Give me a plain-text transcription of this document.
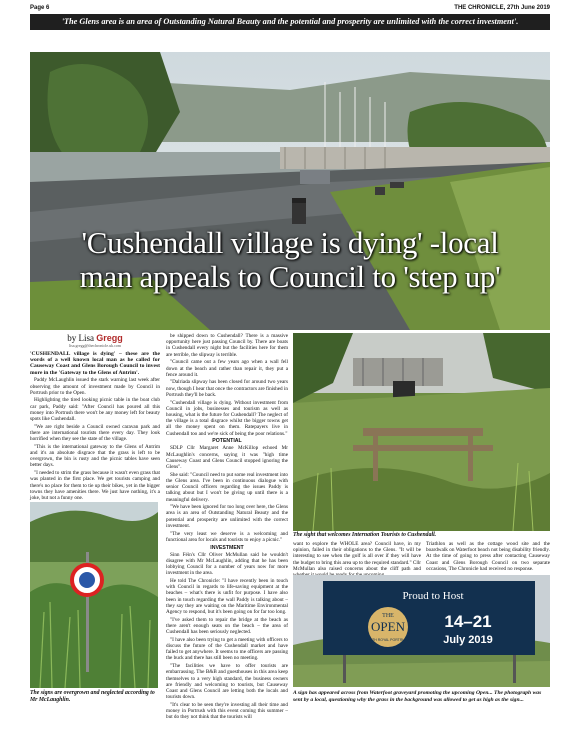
Page 6	THE CHRONICLE, 27th June 2019
'The Glens area is an area of Outstanding Natural Beauty and the potential and prosperity are unlimited with the correct investment'.
'Cushendall village is dying' -local
man appeals to Council to 'step up'
by Lisa Gregg
lisa.gregg@thechronicle.uk.com

'CUSHENDALL village is dying' – these are the words of a well known local man as he called for Causeway Coast and Glens Borough Council to invest more in the 'Gateway to the Glens of Antrim'.

Paddy McLaughlin issued the stark warning last week after observing the amount of investment made by Council in Portrush prior to the Open.

Highlighting the tired looking picnic table in the boat club car park, Paddy said: "After Council has poured all this money into Portrush there won't be any money left for beauty spots like Cushendall.

"We are right beside a Council owned caravan park and there are international tourists there every day. They look horrified when they see the state of the village.

"This is the international gateway to the Glens of Antrim and it's an absolute disgrace that the grass is left to be overgrown, the bin is rusty and the picnic tables have seen better days.

"I needed to strim the grass because it wasn't even grass that was planted in the first place. We get tourists camping and there's no place for them to tie up their bikes, yet in the bigger towns they have amenities there. We just have nothing, it's a joke, but not a funny one.

The signs are overgrown and neglected according to Mr McLaughlin.

be shipped down to Cushendall? There is a massive opportunity here just passing Council by. There are boats in Cushendall every night but the facilities here for them are terrible, the slipway is terrible.

"Council came out a few years ago when a wall fell down at the beach and rather than repair it, they put a fence around it.

"Dalriada slipway has been closed for around two years now, though I hear that once the contractors are finished in Portrush they'll be back.

"Cushendall village is dying. Without investment from Council in jobs, businesses and tourism as well as housing, what is the future for Cushendall? The neglect of the village is a total disgrace whilst the bigger towns get all the money spent on them. Ratepayers live in Cushendall too and we're sick of being the poor relations."

POTENTIAL

SDLP Cllr Margaret Anne McKillop echoed Mr McLaughlin's concerns, saying it was "high time Causeway Coast and Glens Council stopped ignoring the Glens".

She said: "Council need to put some real investment into the Glens area. I've been in continuous dialogue with senior Council officers regarding the issues Paddy is talking about but I won't be giving up until there is a meaningful delivery.

"We have been ignored for too long over here, the Glens area is an area of Outstanding Natural Beauty and the potential and prosperity are unlimited with the correct investment.

"The very least we deserve is a welcoming and functional area for locals and tourists to enjoy a picnic."

INVESTMENT

Sinn Féin's Cllr Oliver McMullan said he wouldn't disagree with Mr McLaughlin, adding that he has been lobbying Council for a number of years now for more investment in the area.

He told The Chronicle: "I have recently been in touch with Council in regards to life-saving equipment at the beaches – what's there is unfit for purpose. I have also been in touch regarding the wall Paddy is talking about – they say they are waiting on the Maritime Environmental Agency to respond, but it's been going on for far too long.

"I've asked them to repair the bridge at the beach as there aren't enough seats on the beach – the area of Cushendall has been seriously neglected.

"I have also been trying to get a meeting with officers to discuss the future of the Cushendall market and have failed to get anywhere. It seems to me officers are passing the buck and there has still been no meeting.

"The facilities we have to offer tourists are embarrassing. The B&B and guesthouses in this area keep themselves to a very high standard, the business owners are friendly and welcoming to tourists, but Causeway Coast and Glens Council are letting both the locals and tourists down.

"It's clear to be seen they're investing all their time and money in Portrush with this event coming this summer – but do they not think that the tourists will

The sight that welcomes Internation Tourists to Cushendall.
want to explore the WHOLE area? Council have, in my opinion, failed in their obligations to the Glens. "It will be interesting to see when the golf is all over if they will have the budget to bring this area up to the required standard." Cllr McMullan also raised concerns about the cliff path and
Triathlon as well as the cottage wood site and the boardwalk on Waterfoot beach not being disability friendly. At the time of going to press after contacting Causeway Coast and Glens Borough Council on two separate occasions, The Chronicle had received no response.
Proud to Host
THE
OPEN
148TH ROYAL PORTRUSH
14–21
July 2019
A sign has appeared across from Waterfoot graveyard promoting the upcoming Open... The photograph was sent by a local, questioning why the grass in the background was allowed to get as high as the sign...
